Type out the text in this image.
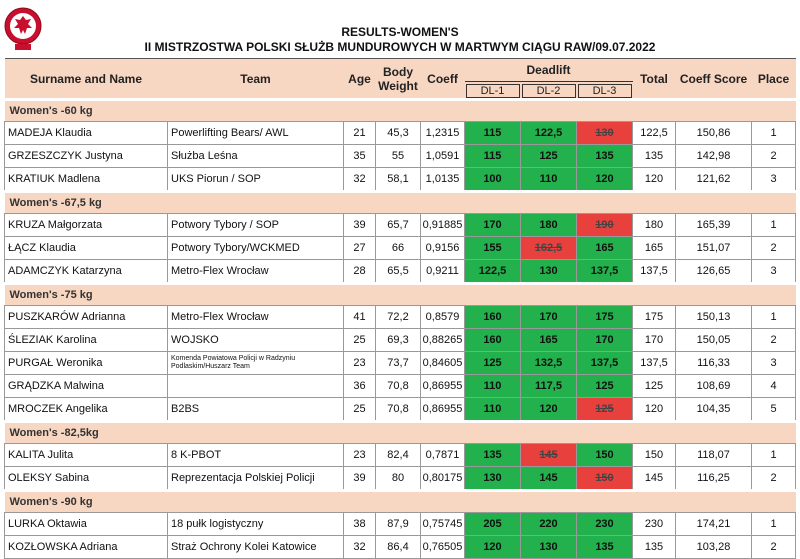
RESULTS-WOMEN'S
II MISTRZOSTWA POLSKI SŁUŻB MUNDUROWYCH W MARTWYM CIĄGU RAW/09.07.2022
Surname and Name	Team	Age	Body Weight	Coeff	Deadlift			Total	Coeff Score	Place
					DL-1	DL-2	DL-3			
Women's -60 kg										
MADEJA Klaudia	Powerlifting Bears/ AWL	21	45,3	1,2315	115	122,5	130	122,5	150,86	1
GRZESZCZYK Justyna	Służba Leśna	35	55	1,0591	115	125	135	135	142,98	2
KRATIUK Madlena	UKS Piorun / SOP	32	58,1	1,0135	100	110	120	120	121,62	3
Women's -67,5 kg										
KRUZA Małgorzata	Potwory Tybory / SOP	39	65,7	0,91885	170	180	190	180	165,39	1
ŁĄCZ Klaudia	Potwory Tybory/WCKMED	27	66	0,9156	155	162,5	165	165	151,07	2
ADAMCZYK Katarzyna	Metro-Flex Wrocław	28	65,5	0,9211	122,5	130	137,5	137,5	126,65	3
Women's -75 kg										
PUSZKARÓW Adrianna	Metro-Flex Wrocław	41	72,2	0,8579	160	170	175	175	150,13	1
ŚLEZIAK Karolina	WOJSKO	25	69,3	0,88265	160	165	170	170	150,05	2
PURGAŁ Weronika	Komenda Powiatowa Policji w Radzyniu Podlaskim/Huszarz Team	23	73,7	0,84605	125	132,5	137,5	137,5	116,33	3
GRĄDZKA Malwina		36	70,8	0,86955	110	117,5	125	125	108,69	4
MROCZEK Angelika	B2BS	25	70,8	0,86955	110	120	125	120	104,35	5
Women's -82,5kg										
KALITA Julita	8 K-PBOT	23	82,4	0,7871	135	145	150	150	118,07	1
OLEKSY Sabina	Reprezentacja Polskiej Policji	39	80	0,80175	130	145	150	145	116,25	2
Women's -90 kg										
LURKA Oktawia	18 pułk logistyczny	38	87,9	0,75745	205	220	230	230	174,21	1
KOZŁOWSKA Adriana	Straż Ochrony Kolei Katowice	32	86,4	0,76505	120	130	135	135	103,28	2
